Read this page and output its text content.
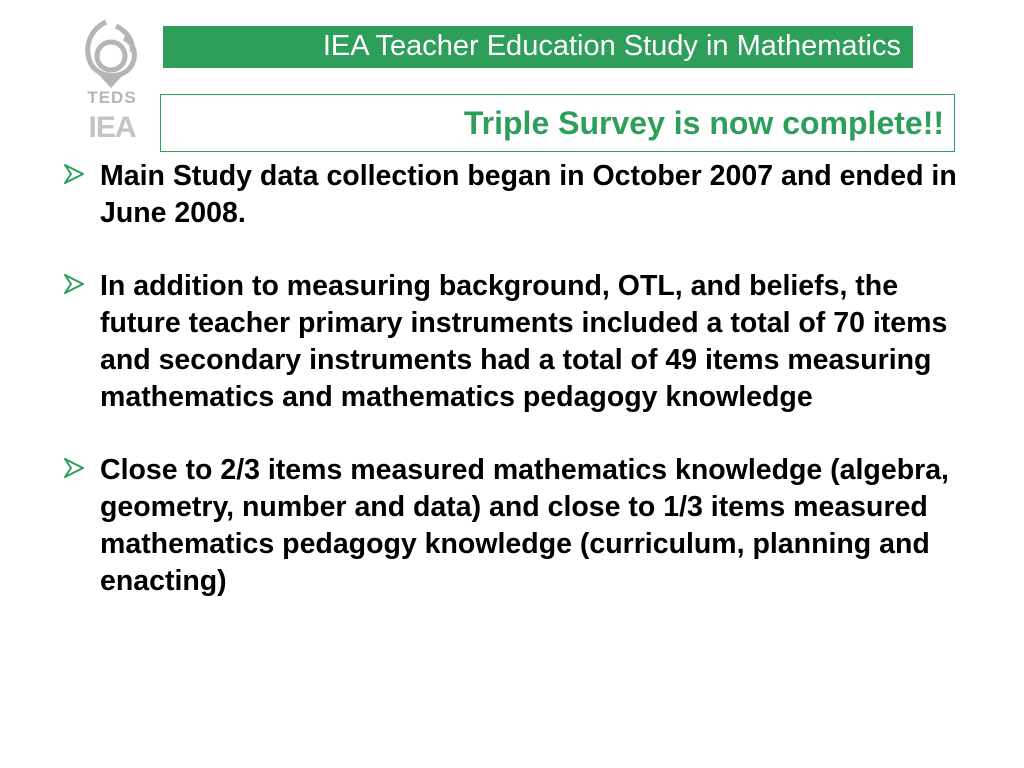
TEDS
IEA
IEA Teacher Education Study in Mathematics
Triple Survey is now complete!!
Main Study data collection began in October 2007 and ended in June 2008.
In addition to measuring background, OTL, and beliefs, the future teacher primary instruments included a total of 70 items and secondary instruments had a total of 49 items measuring mathematics and mathematics pedagogy knowledge
Close to 2/3 items measured mathematics knowledge (algebra, geometry, number and data) and close to 1/3 items measured mathematics pedagogy knowledge (curriculum, planning and enacting)
